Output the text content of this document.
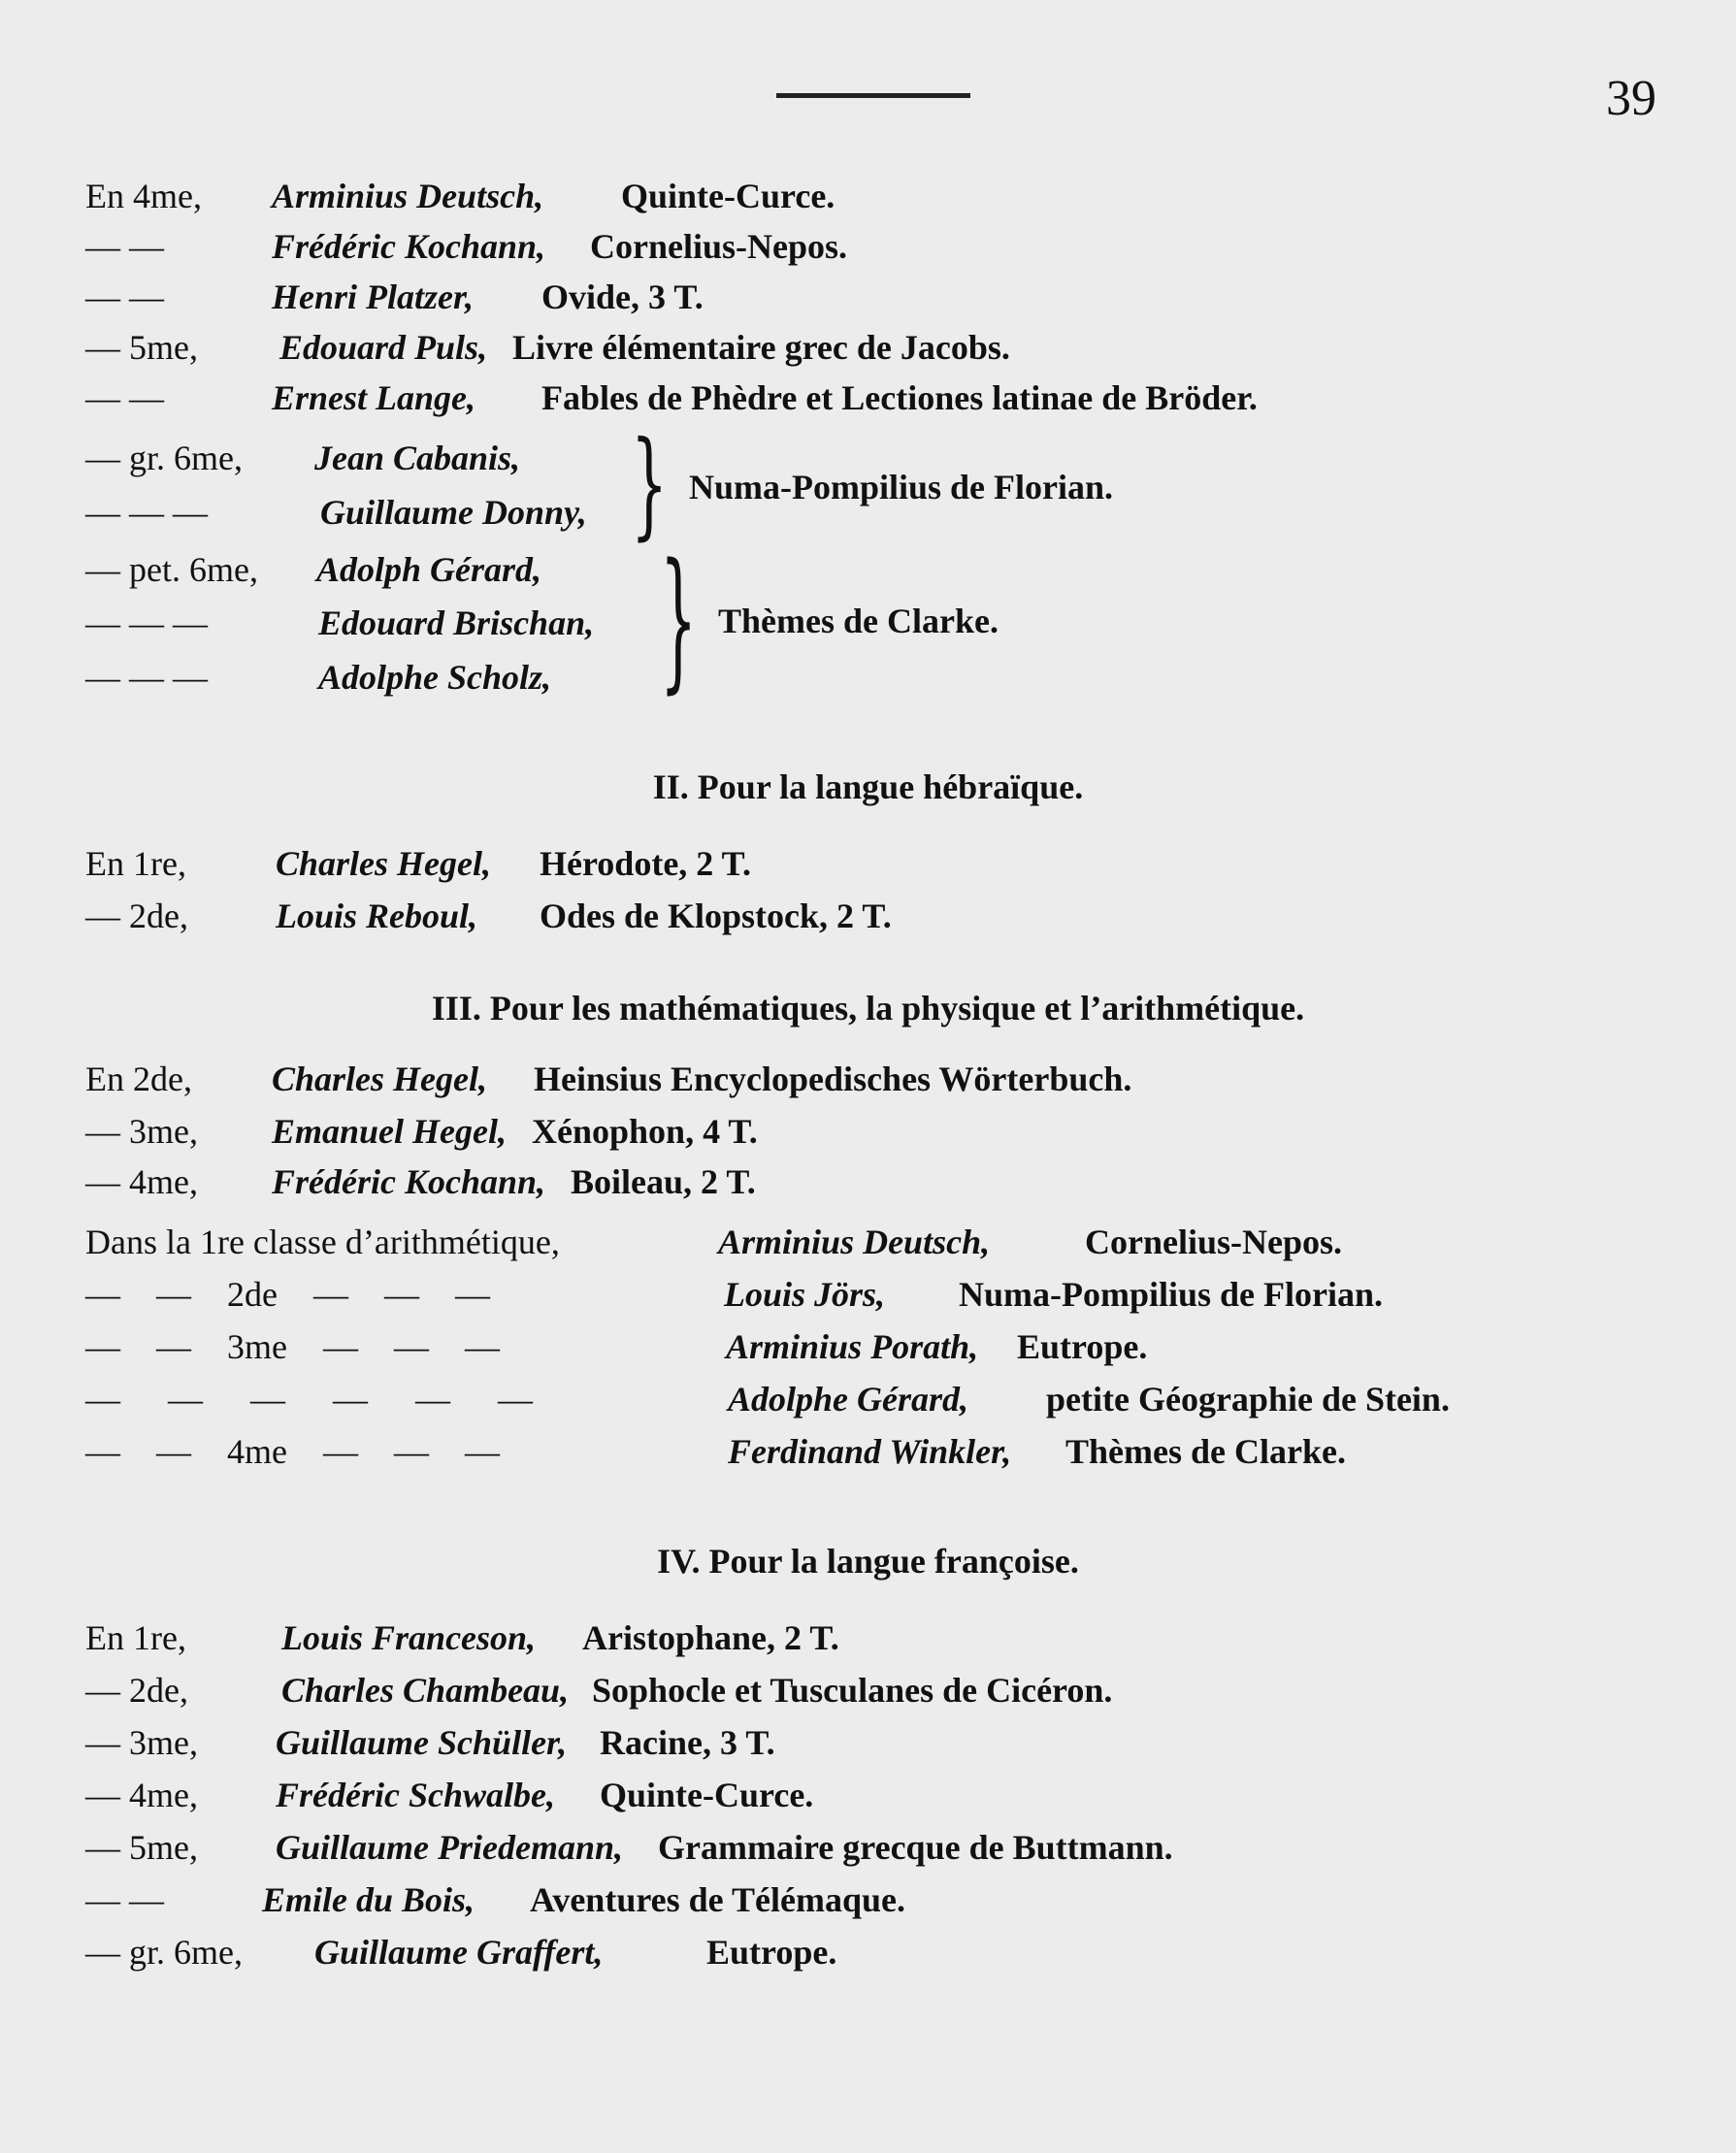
39
En 4me, Arminius Deutsch, Quinte-Curce.
— —	Frédéric Kochann, Cornelius-Nepos.
— —	Henri Platzer, Ovide, 3 T.
— 5me, Edouard Puls, Livre élémentaire grec de Jacobs.
— —	Ernest Lange, Fables de Phèdre et Lectiones latinae de Bröder.
— gr. 6me, Jean Cabanis,
— — —	Guillaume Donny, } Numa-Pompilius de Florian.
— pet. 6me, Adolph Gérard,
— — —	Edouard Brischan,
— — —	Adolphe Scholz, } Thèmes de Clarke.
II. Pour la langue hébraïque.
En 1re,	Charles Hegel, Hérodote, 2 T.
— 2de,	Louis Reboul, Odes de Klopstock, 2 T.
III. Pour les mathématiques, la physique et l’arithmétique.
En 2de, Charles Hegel, Heinsius Encyclopedisches Wörterbuch.
— 3me, Emanuel Hegel, Xénophon, 4 T.
— 4me, Frédéric Kochann, Boileau, 2 T.
Dans la 1re classe d’arithmétique,	Arminius Deutsch,	Cornelius-Nepos.
— — 2de — — —	Louis Jörs, Numa-Pompilius de Florian.
— — 3me — — —	Arminius Porath, Eutrope.
— — — — — —	Adolphe Gérard, petite Géographie de Stein.
— — 4me — — —	Ferdinand Winkler, Thèmes de Clarke.
IV. Pour la langue françoise.
En 1re,	Louis Franceson, Aristophane, 2 T.
— 2de,	Charles Chambeau, Sophocle et Tusculanes de Cicéron.
— 3me, Guillaume Schüller, Racine, 3 T.
— 4me, Frédéric Schwalbe, Quinte-Curce.
— 5me, Guillaume Priedemann, Grammaire grecque de Buttmann.
— —	Emile du Bois, Aventures de Télémaque.
— gr. 6me, Guillaume Graffert,	Eutrope.
